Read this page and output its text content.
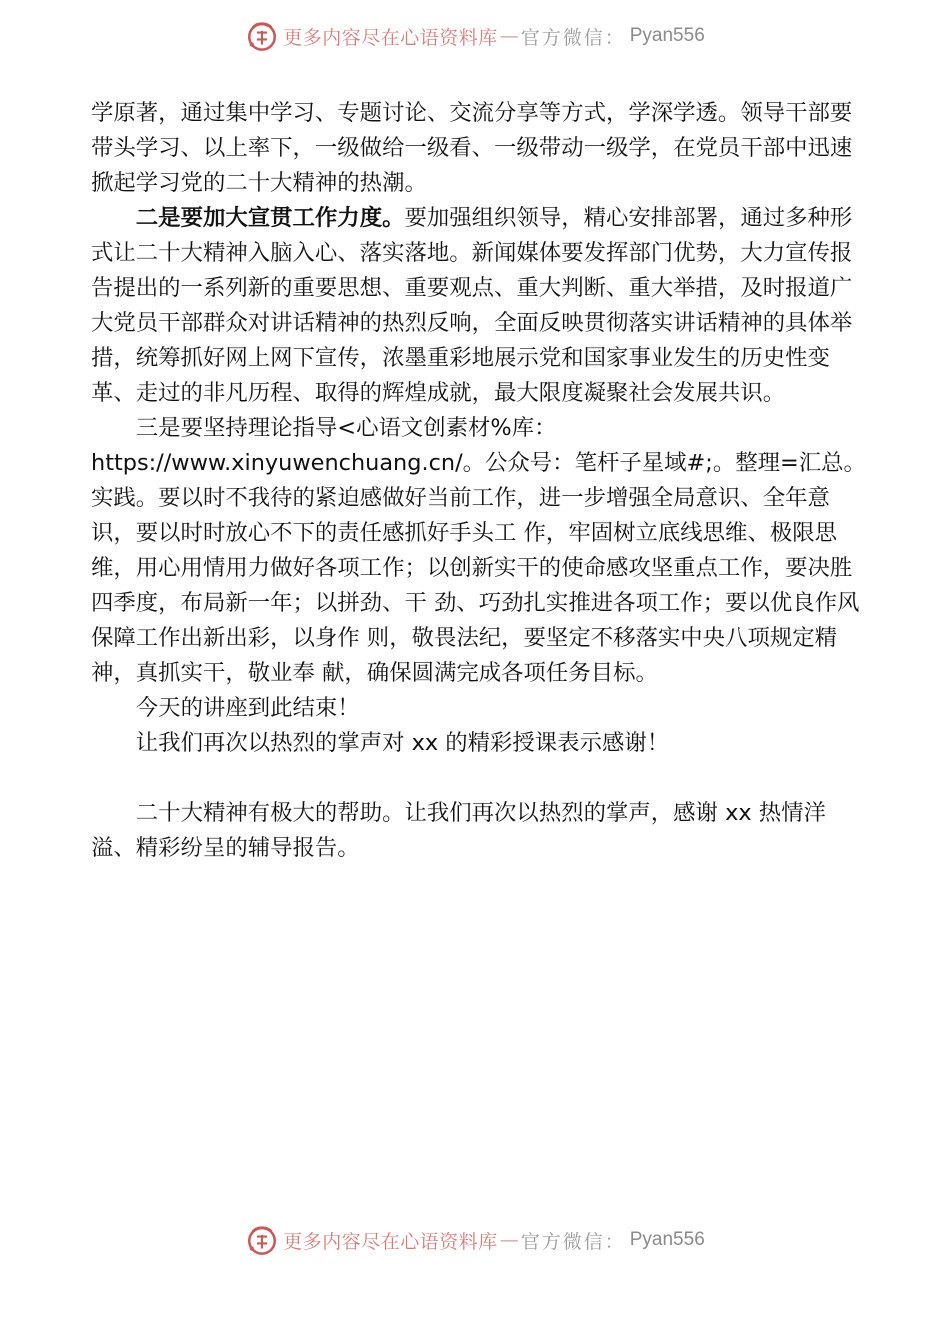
更多内容尽在心语资料库 — 官方微信： Pyan556

学原著，通过集中学习、专题讨论、交流分享等方式，学深学透。领导干部要带头学习、以上率下，一级做给一级看、一级带动一级学，在党员干部中迅速掀起学习党的二十大精神的热潮。

二是要加大宣贯工作力度。要加强组织领导，精心安排部署，通过多种形式让二十大精神入脑入心、落实落地。新闻媒体要发挥部门优势，大力宣传报告提出的一系列新的重要思想、重要观点、重大判断、重大举措，及时报道广大党员干部群众对讲话精神的热烈反响，全面反映贯彻落实讲话精神的具体举措，统筹抓好网上网下宣传，浓墨重彩地展示党和国家事业发生的历史性变革、走过的非凡历程、取得的辉煌成就，最大限度凝聚社会发展共识。

三是要坚持理论指导<心语文创素材%库：https://www.xinyuwenchuang.cn/。公众号：笔杆子星域#;。整理=汇总。实践。要以时不我待的紧迫感做好当前工作，进一步增强全局意识、全年意识，要以时时放心不下的责任感抓好手头工 作，牢固树立底线思维、极限思维，用心用情用力做好各项工作；以创新实干的使命感攻坚重点工作，要决胜四季度，布局新一年；以拼劲、干 劲、巧劲扎实推进各项工作；要以优良作风保障工作出新出彩，以身作 则，敬畏法纪，要坚定不移落实中央八项规定精神，真抓实干，敬业奉 献，确保圆满完成各项任务目标。

今天的讲座到此结束！

让我们再次以热烈的掌声对 xx 的精彩授课表示感谢！

二十大精神有极大的帮助。让我们再次以热烈的掌声，感谢 xx 热情洋溢、精彩纷呈的辅导报告。

更多内容尽在心语资料库 — 官方微信： Pyan556
